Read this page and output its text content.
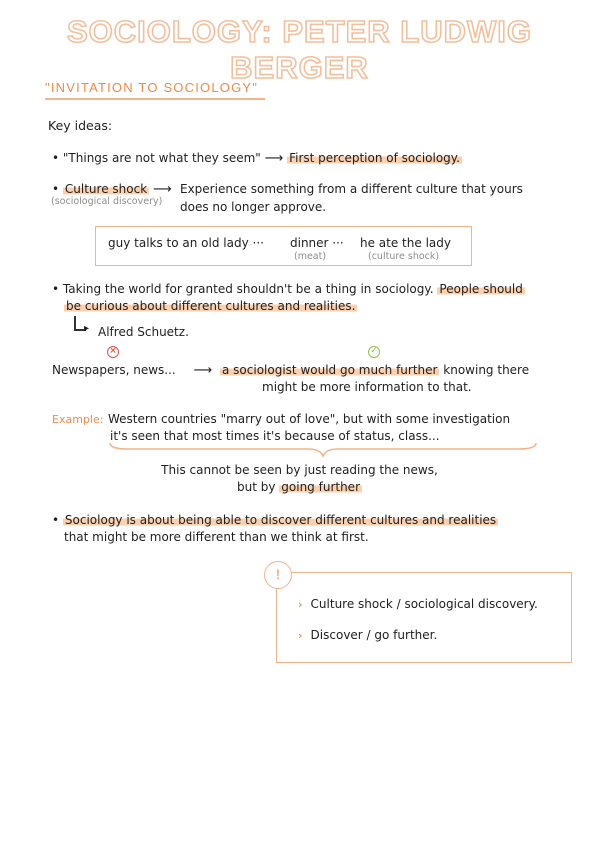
SOCIOLOGY: PETER LUDWIG BERGER
"INVITATION TO SOCIOLOGY"
Key ideas:
• "Things are not what they seem" ⟶ First perception of sociology.
• Culture shock ⟶
(sociological discovery)
Experience something from a different culture that yours
does no longer approve.
guy talks to an old lady ··· dinner ··· he ate the lady
(meat)	(culture shock)
• Taking the world for granted shouldn't be a thing in sociology. People should
be curious about different cultures and realities.
▸ Alfred Schuetz.
×	✓
Newspapers, news... ⟶ a sociologist would go much further knowing there
might be more information to that.
Example: Western countries "marry out of love", but with some investigation
it's seen that most times it's because of status, class...
This cannot be seen by just reading the news,
but by going further
• Sociology is about being able to discover different cultures and realities
that might be more different than we think at first.
!
› Culture shock / sociological discovery.
› Discover / go further.
